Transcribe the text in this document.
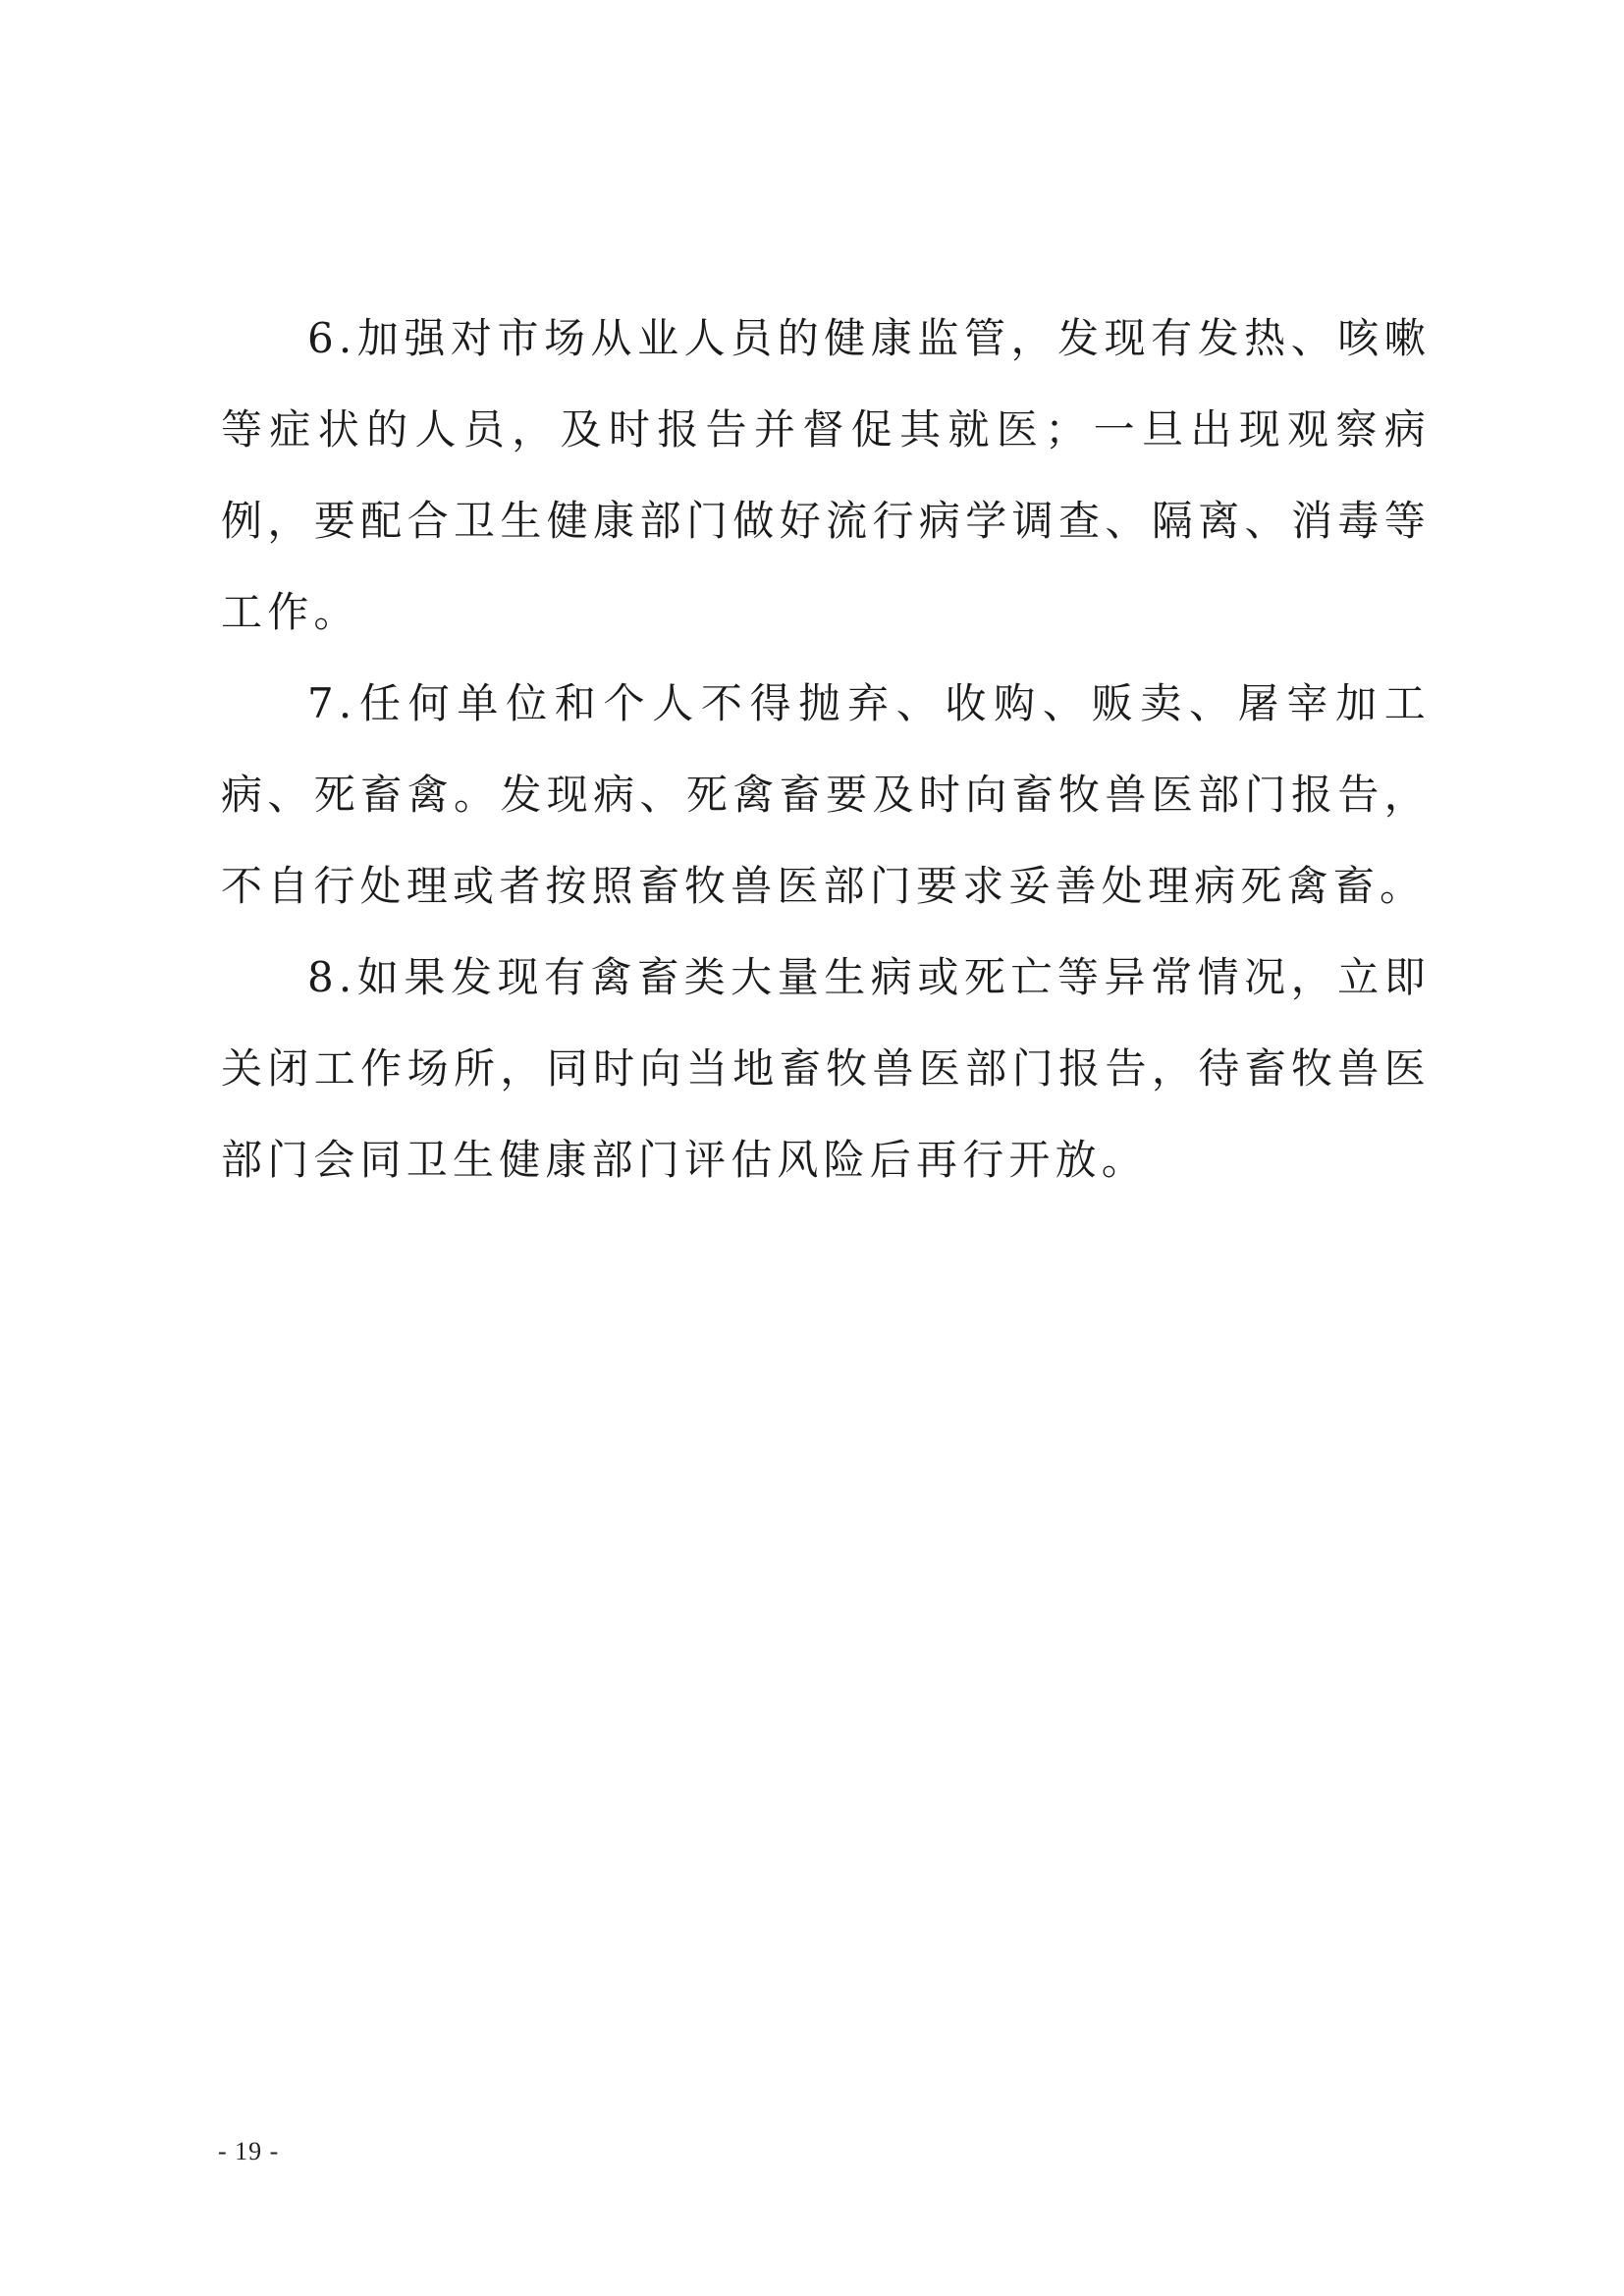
6.加强对市场从业人员的健康监管，发现有发热、咳嗽等症状的人员，及时报告并督促其就医；一旦出现观察病例，要配合卫生健康部门做好流行病学调查、隔离、消毒等工作。

7.任何单位和个人不得抛弃、收购、贩卖、屠宰加工病、死畜禽。发现病、死禽畜要及时向畜牧兽医部门报告，不自行处理或者按照畜牧兽医部门要求妥善处理病死禽畜。

8.如果发现有禽畜类大量生病或死亡等异常情况，立即关闭工作场所，同时向当地畜牧兽医部门报告，待畜牧兽医部门会同卫生健康部门评估风险后再行开放。

- 19 -
